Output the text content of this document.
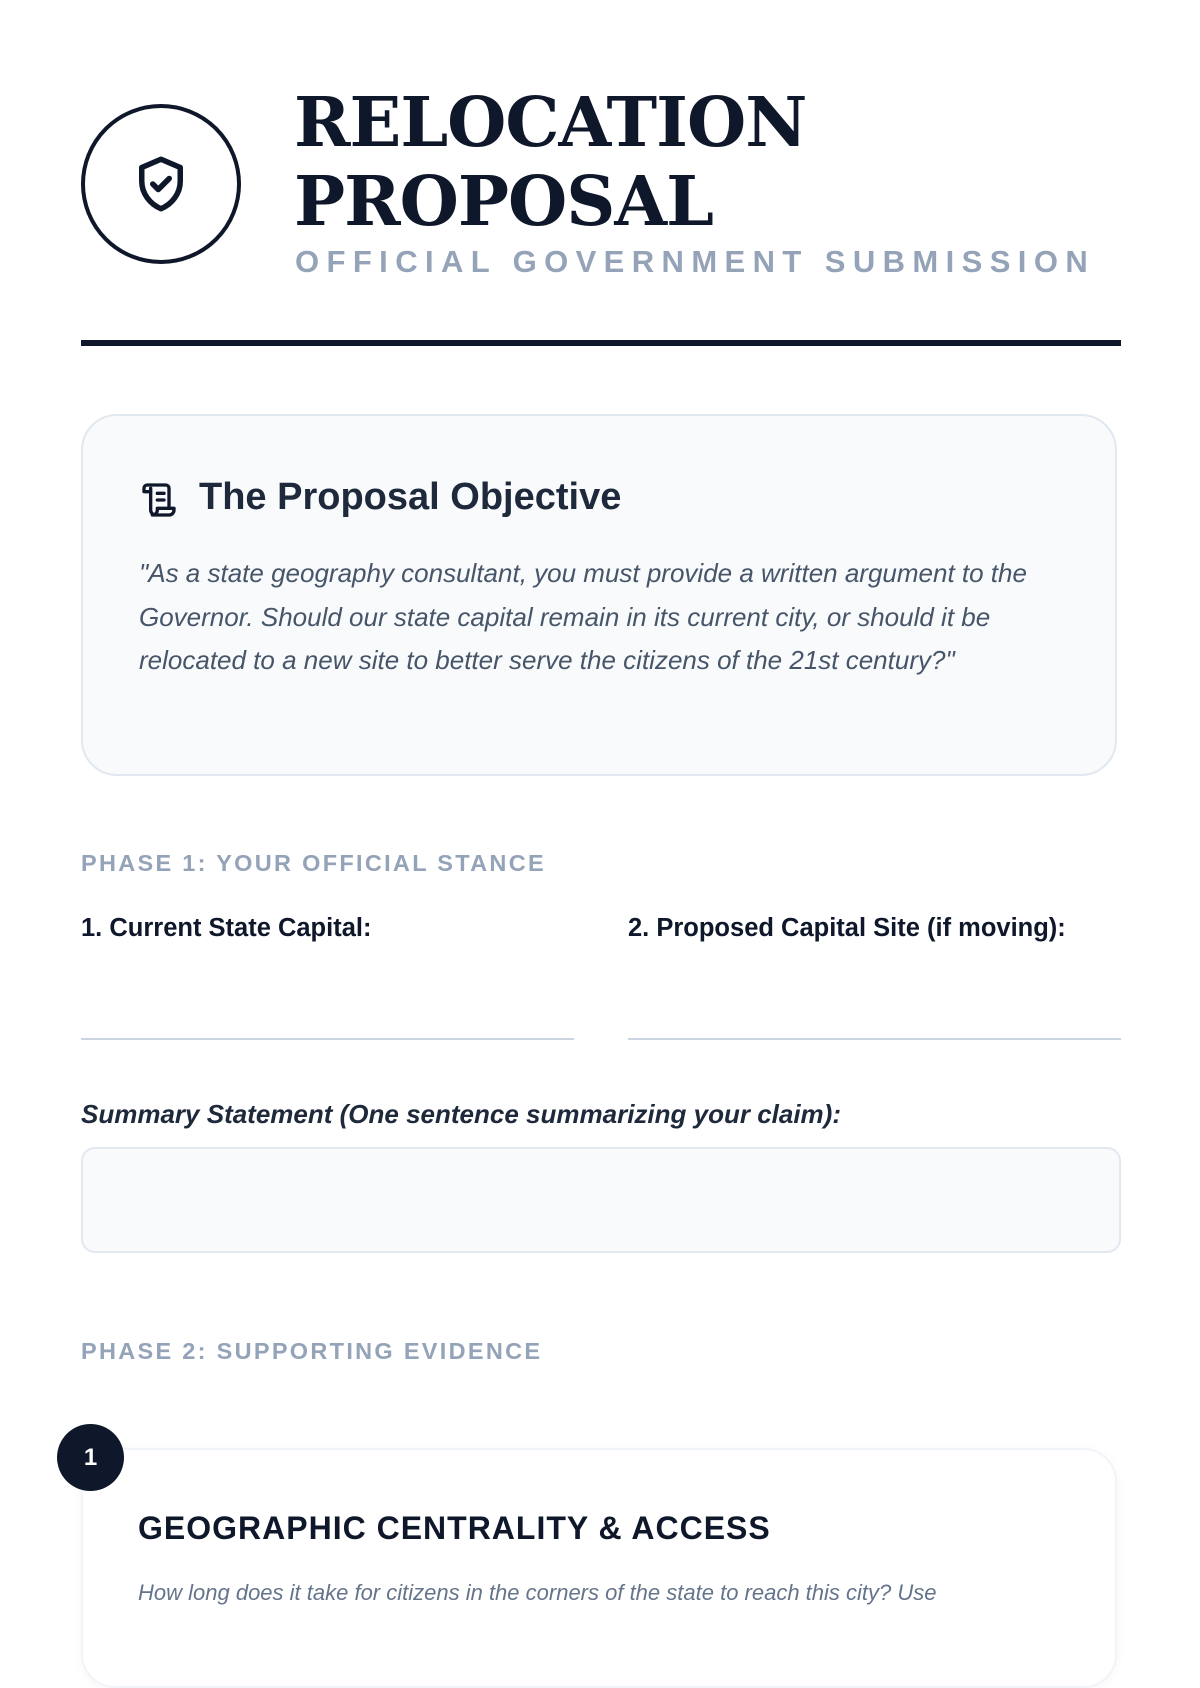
RELOCATION PROPOSAL

OFFICIAL GOVERNMENT SUBMISSION

The Proposal Objective

"As a state geography consultant, you must provide a written argument to the Governor. Should our state capital remain in its current city, or should it be relocated to a new site to better serve the citizens of the 21st century?"

PHASE 1: YOUR OFFICIAL STANCE

1. Current State Capital:	2. Proposed Capital Site (if moving):
Summary Statement (One sentence summarizing your claim):

PHASE 2: SUPPORTING EVIDENCE

1
GEOGRAPHIC CENTRALITY & ACCESS

How long does it take for citizens in the corners of the state to reach this city? Use
